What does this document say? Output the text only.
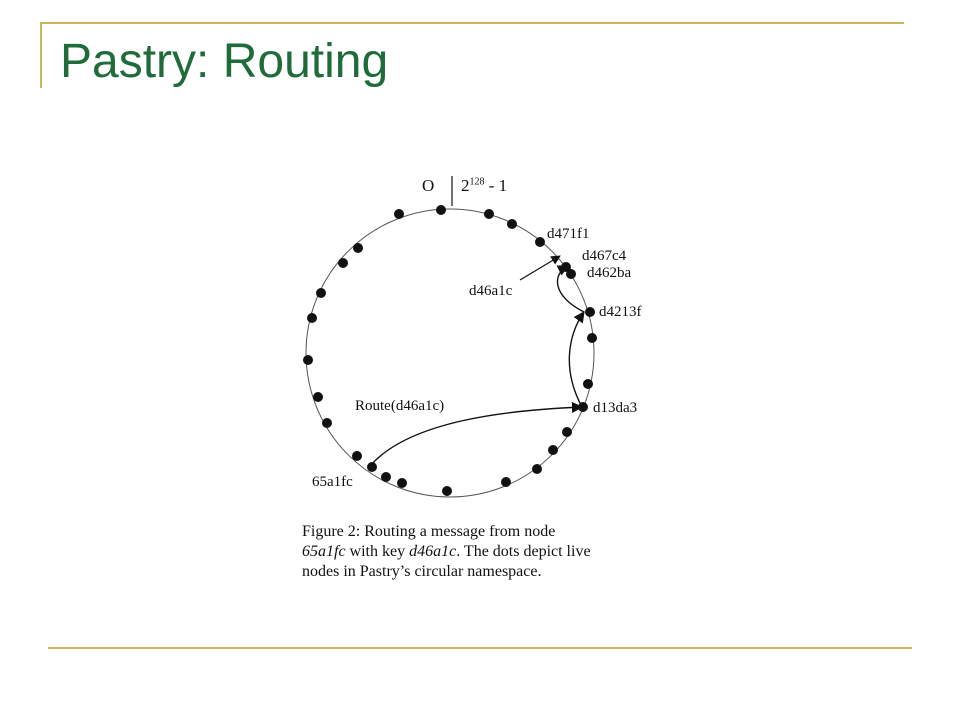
Pastry: Routing
O $2^{128} - 1$
d471f1
d467c4
d462ba
d46a1c
d4213f
Route(d46a1c)	d13da3
65a1fc
Figure 2: Routing a message from node
65a1fc with key d46a1c. The dots depict live
nodes in Pastry’s circular namespace.
